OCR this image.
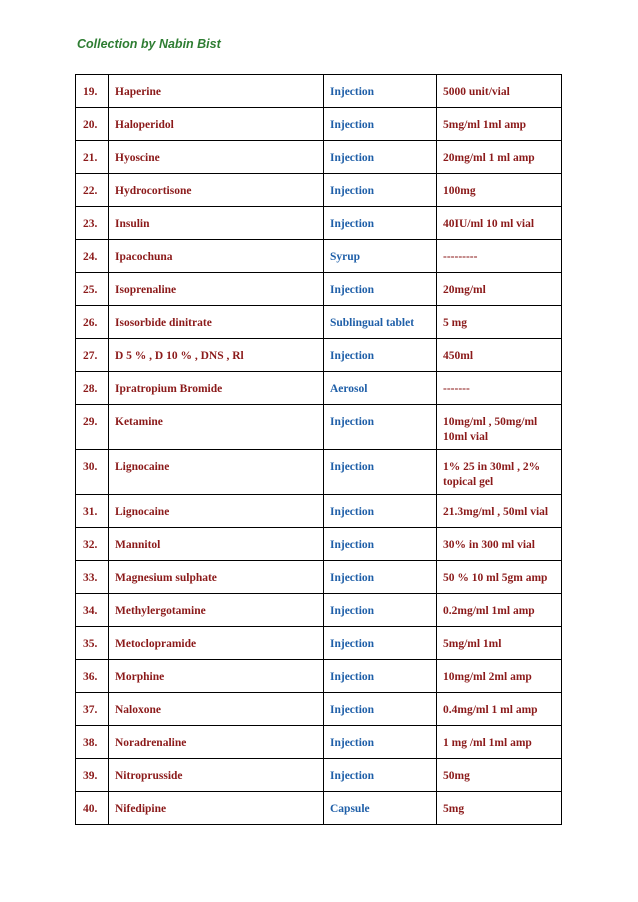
Collection by Nabin Bist
19.	Haperine	Injection	5000 unit/vial
20.	Haloperidol	Injection	5mg/ml 1ml amp
21.	Hyoscine	Injection	20mg/ml 1 ml amp
22.	Hydrocortisone	Injection	100mg
23.	Insulin	Injection	40IU/ml 10 ml vial
24.	Ipacochuna	Syrup	---------
25.	Isoprenaline	Injection	20mg/ml
26.	Isosorbide dinitrate	Sublingual tablet	5 mg
27.	D 5 % , D 10 % , DNS , Rl	Injection	450ml
28.	Ipratropium Bromide	Aerosol	-------
29.	Ketamine	Injection	10mg/ml , 50mg/ml
10ml vial

30.	Lignocaine	Injection	1% 25 in 30ml , 2%
topical gel

31.	Lignocaine	Injection	21.3mg/ml , 50ml vial
32.	Mannitol	Injection	30% in 300 ml vial
33.	Magnesium sulphate	Injection	50 % 10 ml 5gm amp
34.	Methylergotamine	Injection	0.2mg/ml 1ml amp
35.	Metoclopramide	Injection	5mg/ml 1ml
36.	Morphine	Injection	10mg/ml 2ml amp
37.	Naloxone	Injection	0.4mg/ml 1 ml amp
38.	Noradrenaline	Injection	1 mg /ml 1ml amp
39.	Nitroprusside	Injection	50mg
40.	Nifedipine	Capsule	5mg
